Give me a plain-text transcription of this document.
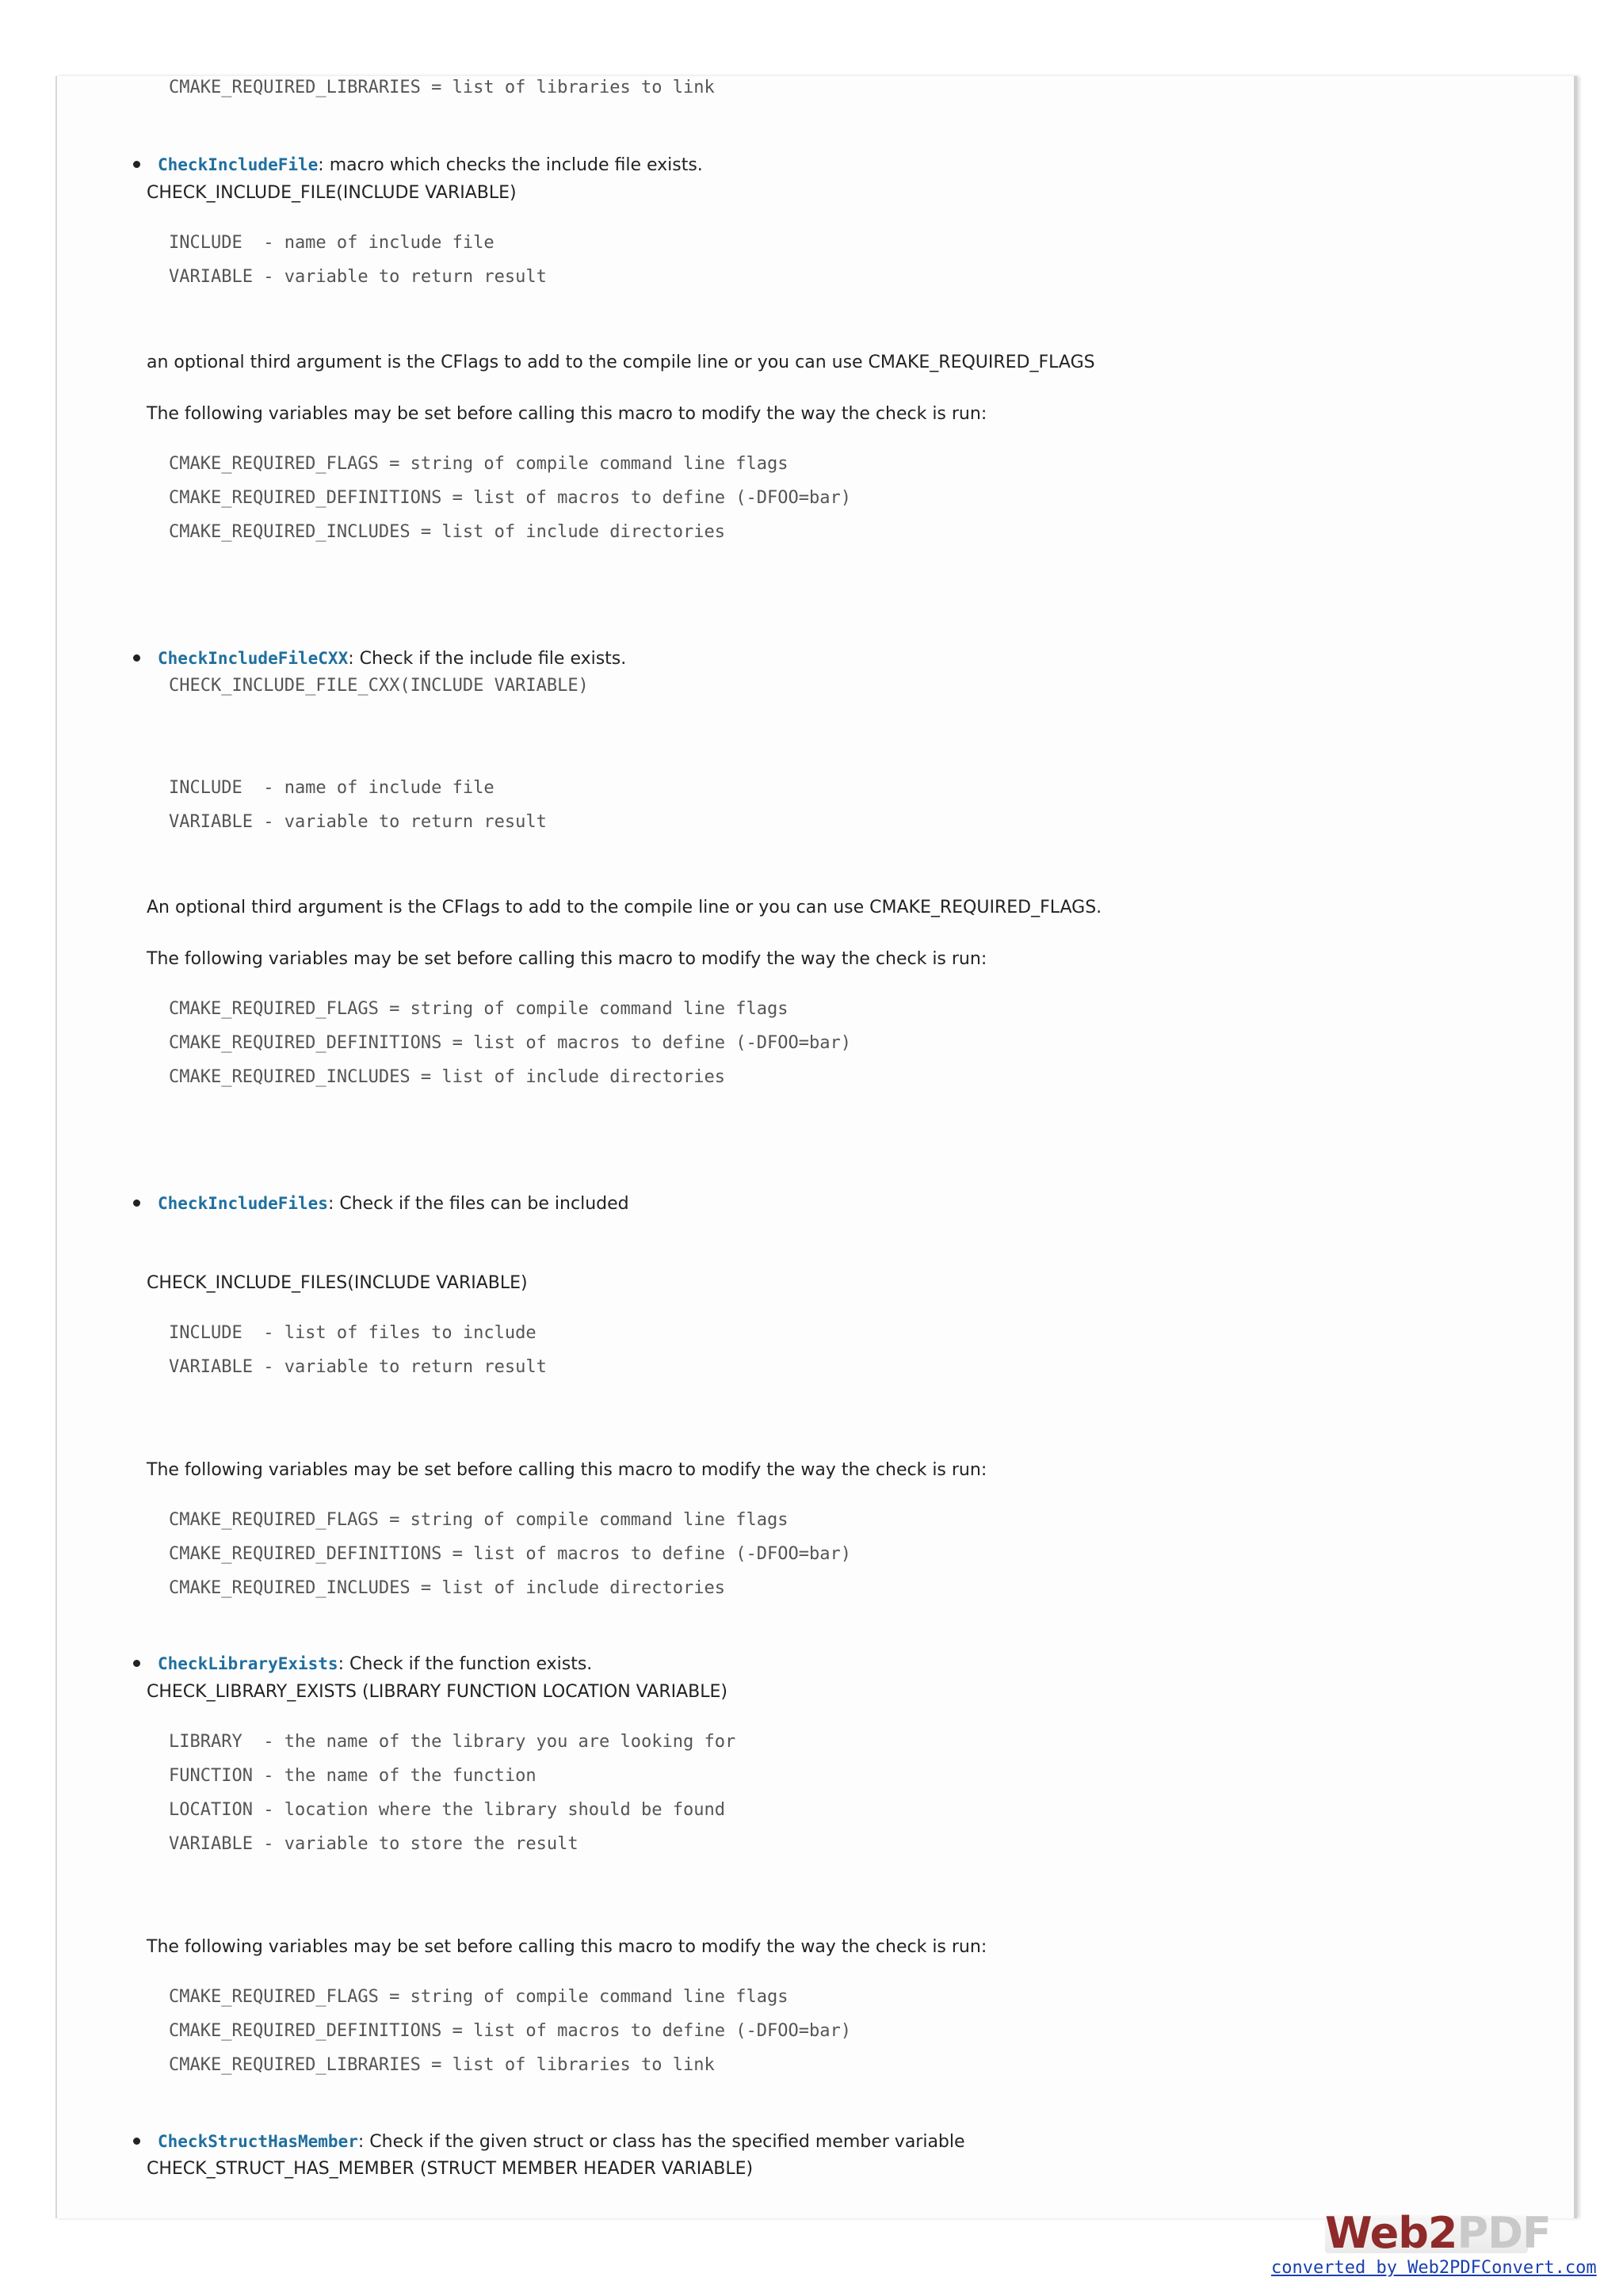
CMAKE_REQUIRED_LIBRARIES = list of libraries to link

CheckIncludeFile: macro which checks the include file exists.

CHECK_INCLUDE_FILE(INCLUDE VARIABLE)
INCLUDE  - name of include file
VARIABLE - variable to return result
an optional third argument is the CFlags to add to the compile line or you can use CMAKE_REQUIRED_FLAGS
The following variables may be set before calling this macro to modify the way the check is run:
CMAKE_REQUIRED_FLAGS = string of compile command line flags
CMAKE_REQUIRED_DEFINITIONS = list of macros to define (-DFOO=bar)
CMAKE_REQUIRED_INCLUDES = list of include directories

CheckIncludeFileCXX: Check if the include file exists.

CHECK_INCLUDE_FILE_CXX(INCLUDE VARIABLE)
INCLUDE  - name of include file
VARIABLE - variable to return result
An optional third argument is the CFlags to add to the compile line or you can use CMAKE_REQUIRED_FLAGS.
The following variables may be set before calling this macro to modify the way the check is run:
CMAKE_REQUIRED_FLAGS = string of compile command line flags
CMAKE_REQUIRED_DEFINITIONS = list of macros to define (-DFOO=bar)
CMAKE_REQUIRED_INCLUDES = list of include directories

CheckIncludeFiles: Check if the files can be included

CHECK_INCLUDE_FILES(INCLUDE VARIABLE)
INCLUDE  - list of files to include
VARIABLE - variable to return result
The following variables may be set before calling this macro to modify the way the check is run:
CMAKE_REQUIRED_FLAGS = string of compile command line flags
CMAKE_REQUIRED_DEFINITIONS = list of macros to define (-DFOO=bar)
CMAKE_REQUIRED_INCLUDES = list of include directories

CheckLibraryExists: Check if the function exists.

CHECK_LIBRARY_EXISTS (LIBRARY FUNCTION LOCATION VARIABLE)
LIBRARY  - the name of the library you are looking for
FUNCTION - the name of the function
LOCATION - location where the library should be found
VARIABLE - variable to store the result
The following variables may be set before calling this macro to modify the way the check is run:
CMAKE_REQUIRED_FLAGS = string of compile command line flags
CMAKE_REQUIRED_DEFINITIONS = list of macros to define (-DFOO=bar)
CMAKE_REQUIRED_LIBRARIES = list of libraries to link

CheckStructHasMember: Check if the given struct or class has the specified member variable

CHECK_STRUCT_HAS_MEMBER (STRUCT MEMBER HEADER VARIABLE)
Web2PDF
converted by Web2PDFConvert.com
